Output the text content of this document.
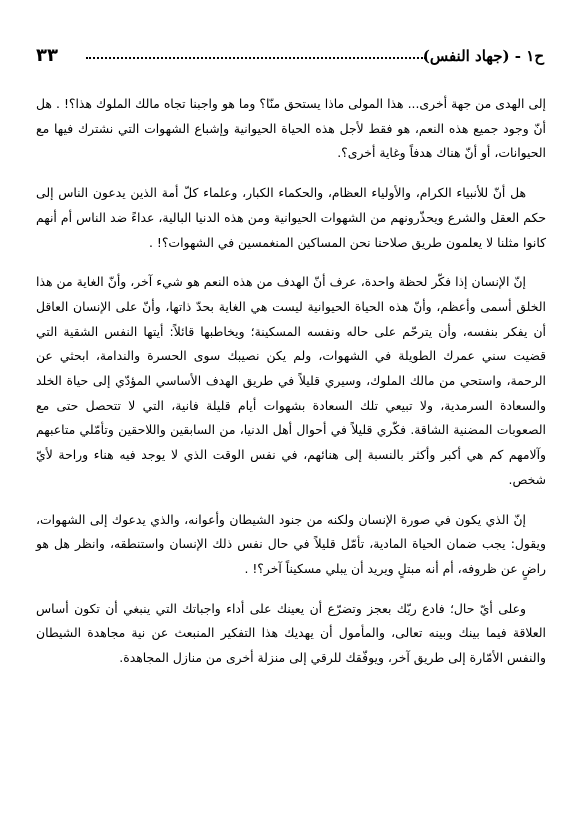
ح١ - (جهاد النفس)
٣٣

إلى الهدى من جهة أخرى... هذا المولى ماذا يستحق منّا؟ وما هو واجبنا تجاه مالك الملوك هذا؟! . هل أنّ وجود جميع هذه النعم، هو فقط لأجل هذه الحياة الحيوانية وإشباع الشهوات التي نشترك فيها مع الحيوانات، أو أنّ هناك هدفاً وغاية أخرى؟.

هل أنّ للأنبياء الكرام، والأولياء العظام، والحكماء الكبار، وعلماء كلّ أمة الذين يدعون الناس إلى حكم العقل والشرع ويحذّرونهم من الشهوات الحيوانية ومن هذه الدنيا البالية، عداءً ضد الناس أم أنهم كانوا مثلنا لا يعلمون طريق صلاحنا نحن المساكين المنغمسين في الشهوات؟! .

إنّ الإنسان إذا فكّر لحظة واحدة، عرف أنّ الهدف من هذه النعم هو شيء آخر، وأنّ الغاية من هذا الخلق أسمى وأعظم، وأنّ هذه الحياة الحيوانية ليست هي الغاية بحدّ ذاتها، وأنّ على الإنسان العاقل أن يفكر بنفسه، وأن يترحّم على حاله ونفسه المسكينة؛ ويخاطبها قائلاً: أيتها النفس الشقية التي قضيت سني عمرك الطويلة في الشهوات، ولم يكن نصيبك سوى الحسرة والندامة، ابحثي عن الرحمة، واستحي من مالك الملوك، وسيري قليلاً في طريق الهدف الأساسي المؤدّي إلى حياة الخلد والسعادة السرمدية، ولا تبيعي تلك السعادة بشهوات أيام قليلة فانية، التي لا تتحصل حتى مع الصعوبات المضنية الشاقة. فكّري قليلاً في أحوال أهل الدنيا، من السابقين واللاحقين وتأمّلي متاعبهم وآلامهم كم هي أكبر وأكثر بالنسبة إلى هنائهم، في نفس الوقت الذي لا يوجد فيه هناء وراحة لأيّ شخص.

إنّ الذي يكون في صورة الإنسان ولكنه من جنود الشيطان وأعوانه، والذي يدعوك إلى الشهوات، ويقول: يجب ضمان الحياة المادية، تأمّل قليلاً في حال نفس ذلك الإنسان واستنطقه، وانظر هل هو راضٍ عن ظروفه، أم أنه مبتلٍ ويريد أن يبلي مسكيناً آخر؟! .

وعلى أيّ حال؛ فادع ربّك بعجز وتضرّع أن يعينك على أداء واجباتك التي ينبغي أن تكون أساس العلاقة فيما بينك وبينه تعالى، والمأمول أن يهديك هذا التفكير المنبعث عن نية مجاهدة الشيطان والنفس الأمّارة إلى طريق آخر، ويوفّقك للرقي إلى منزلة أخرى من منازل المجاهدة.
